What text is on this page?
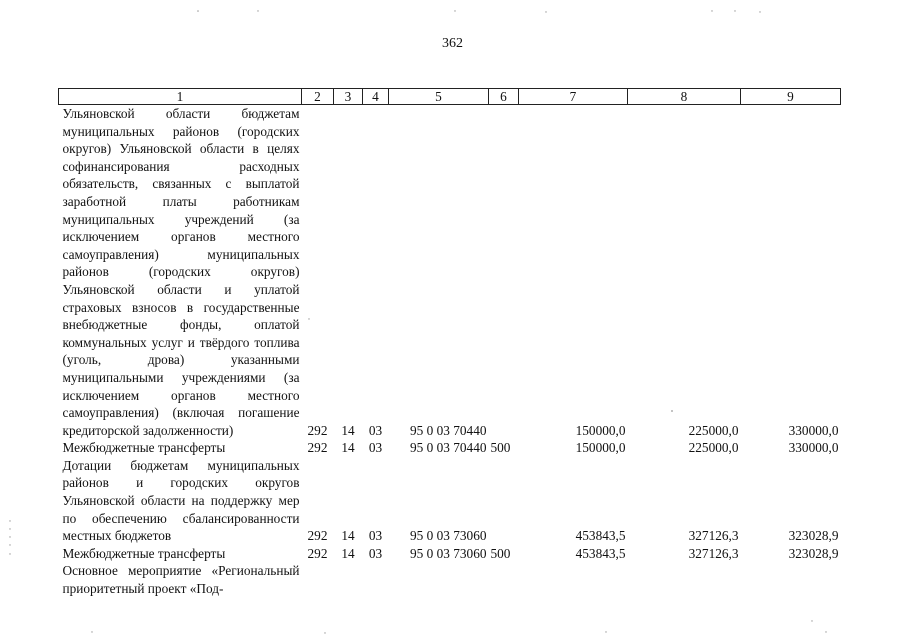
362
1	2	3	4	5	6	7	8	9
Ульяновской области бюджетам муниципальных районов (городских округов) Ульяновской области в целях софинансирования расходных обязательств, связанных с выплатой заработной платы работникам муниципальных учреждений (за исключением органов местного самоуправления) муниципальных районов (городских округов) Ульяновской области и уплатой страховых взносов в государственные внебюджетные фонды, оплатой коммунальных услуг и твёрдого топлива (уголь, дрова) указанными муниципальными учреждениями (за исключением органов местного самоуправления) (включая погашение кредиторской задолженности)	292	14	03	95 0 03 70440		150000,0	225000,0	330000,0
Межбюджетные трансферты	292	14	03	95 0 03 70440	500	150000,0	225000,0	330000,0
Дотации бюджетам муниципальных районов и городских округов Ульяновской области на поддержку мер по обеспечению сбалансированности местных бюджетов	292	14	03	95 0 03 73060		453843,5	327126,3	323028,9
Межбюджетные трансферты	292	14	03	95 0 03 73060	500	453843,5	327126,3	323028,9
Основное мероприятие «Региональный приоритетный проект «Под-								
